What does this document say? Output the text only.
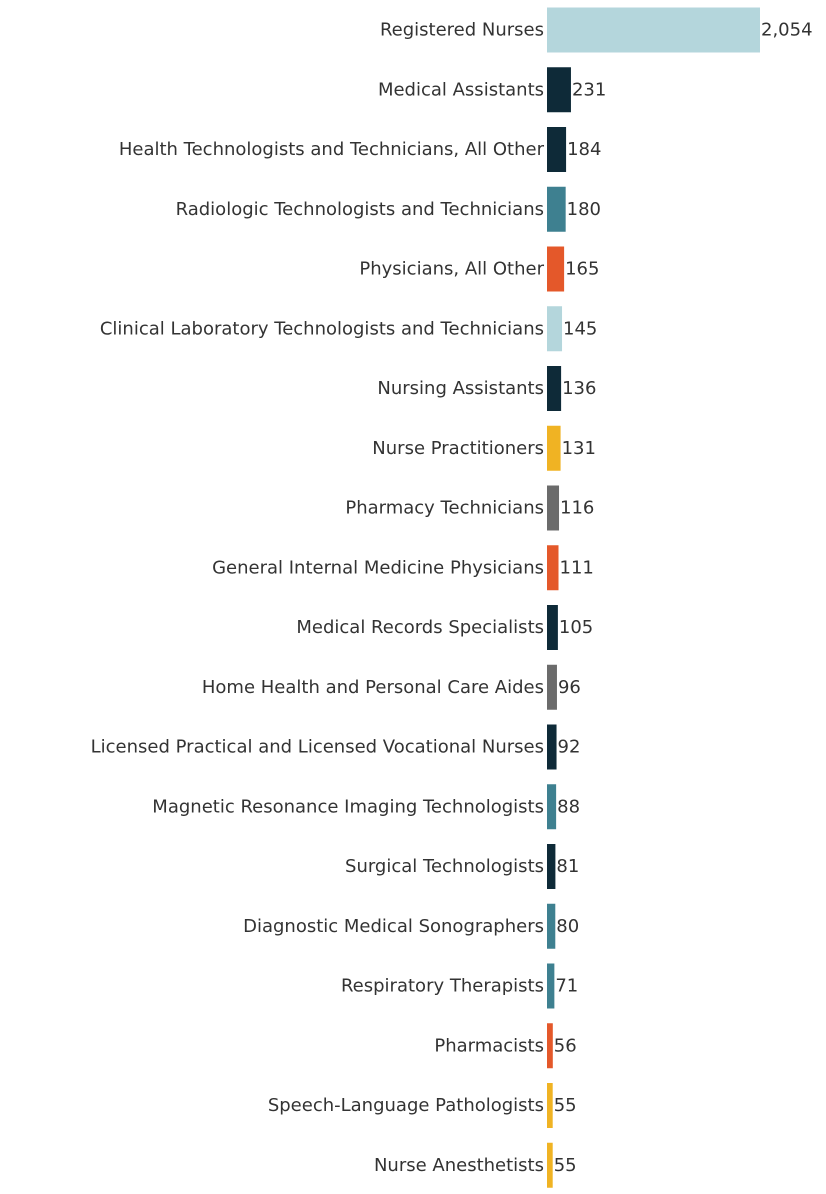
Registered Nurses
Medical Assistants
Health Technologists and Technicians, All Other
Radiologic Technologists and Technicians
Physicians, All Other
Clinical Laboratory Technologists and Technicians
Nursing Assistants
Nurse Practitioners
Pharmacy Technicians
General Internal Medicine Physicians
Medical Records Specialists
Home Health and Personal Care Aides
Licensed Practical and Licensed Vocational Nurses
Magnetic Resonance Imaging Technologists
Surgical Technologists
Diagnostic Medical Sonographers
Respiratory Therapists
Pharmacists
Speech-Language Pathologists
Nurse Anesthetists
2,054
231
184
180
165
145
136
131
116
111
105
96
92
88
81
80
71
56
55
55
